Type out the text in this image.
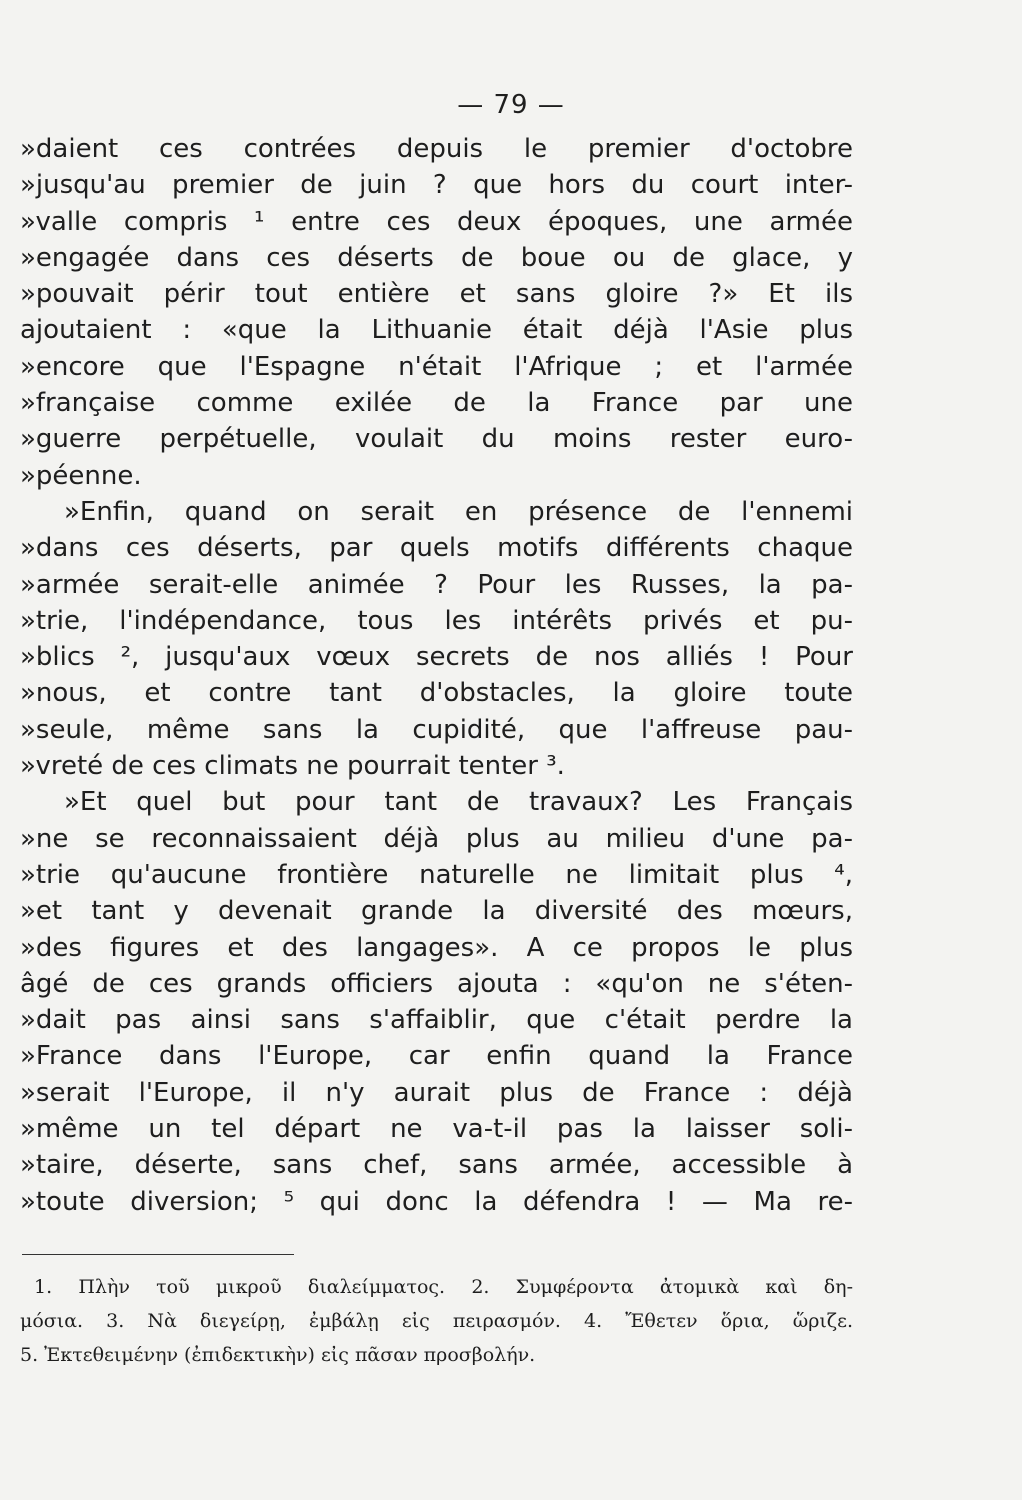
— 79 —
»daient ces contrées depuis le premier d'octobre
»jusqu'au premier de juin ? que hors du court inter-
»valle compris ¹ entre ces deux époques, une armée
»engagée dans ces déserts de boue ou de glace, y
»pouvait périr tout entière et sans gloire ?» Et ils
ajoutaient : «que la Lithuanie était déjà l'Asie plus
»encore que l'Espagne n'était l'Afrique ; et l'armée
»française comme exilée de la France par une
»guerre perpétuelle, voulait du moins rester euro-
»péenne.
»Enfin, quand on serait en présence de l'ennemi
»dans ces déserts, par quels motifs différents chaque
»armée serait-elle animée ? Pour les Russes, la pa-
»trie, l'indépendance, tous les intérêts privés et pu-
»blics ², jusqu'aux vœux secrets de nos alliés ! Pour
»nous, et contre tant d'obstacles, la gloire toute
»seule, même sans la cupidité, que l'affreuse pau-
»vreté de ces climats ne pourrait tenter ³.
»Et quel but pour tant de travaux? Les Français
»ne se reconnaissaient déjà plus au milieu d'une pa-
»trie qu'aucune frontière naturelle ne limitait plus ⁴,
»et tant y devenait grande la diversité des mœurs,
»des figures et des langages». A ce propos le plus
âgé de ces grands officiers ajouta : «qu'on ne s'éten-
»dait pas ainsi sans s'affaiblir, que c'était perdre la
»France dans l'Europe, car enfin quand la France
»serait l'Europe, il n'y aurait plus de France : déjà
»même un tel départ ne va-t-il pas la laisser soli-
»taire, déserte, sans chef, sans armée, accessible à
»toute diversion; ⁵ qui donc la défendra ! — Ma re-
1. Πλὴν τοῦ μικροῦ διαλείμματος. 2. Συμφέροντα ἀτομικὰ καὶ δη-
μόσια. 3. Νὰ διεγείρῃ, ἐμβάλῃ εἰς πειρασμόν. 4. Ἔθετεν ὅρια, ὥριζε.
5. Ἐκτεθειμένην (ἐπιδεκτικὴν) εἰς πᾶσαν προσβολήν.
